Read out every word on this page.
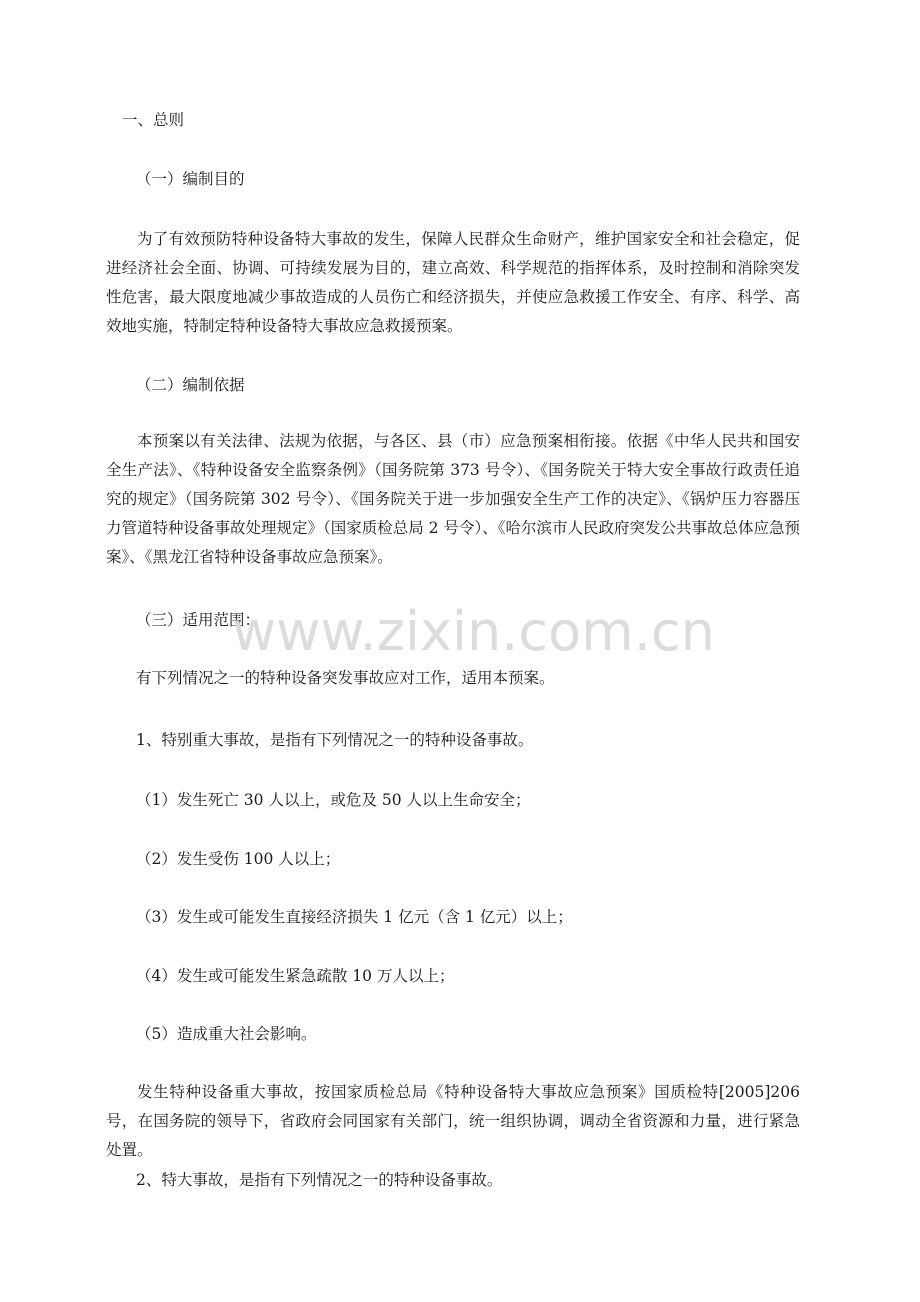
一、总则

（一）编制目的

为了有效预防特种设备特大事故的发生，保障人民群众生命财产，维护国家安全和社会稳定，促进经济社会全面、协调、可持续发展为目的，建立高效、科学规范的指挥体系，及时控制和消除突发性危害，最大限度地减少事故造成的人员伤亡和经济损失，并使应急救援工作安全、有序、科学、高效地实施，特制定特种设备特大事故应急救援预案。

（二）编制依据

本预案以有关法律、法规为依据，与各区、县（市）应急预案相衔接。依据《中华人民共和国安全生产法》、《特种设备安全监察条例》（国务院第 373 号令）、《国务院关于特大安全事故行政责任追究的规定》（国务院第 302 号令）、《国务院关于进一步加强安全生产工作的决定》、《锅炉压力容器压力管道特种设备事故处理规定》（国家质检总局 2 号令）、《哈尔滨市人民政府突发公共事故总体应急预案》、《黑龙江省特种设备事故应急预案》。

（三）适用范围：

有下列情况之一的特种设备突发事故应对工作，适用本预案。

1、特别重大事故，是指有下列情况之一的特种设备事故。

（1）发生死亡 30 人以上，或危及 50 人以上生命安全；

（2）发生受伤 100 人以上；

（3）发生或可能发生直接经济损失 1 亿元（含 1 亿元）以上；

（4）发生或可能发生紧急疏散 10 万人以上；

（5）造成重大社会影响。

发生特种设备重大事故，按国家质检总局《特种设备特大事故应急预案》国质检特[2005]206 号，在国务院的领导下，省政府会同国家有关部门，统一组织协调，调动全省资源和力量，进行紧急处置。

2、特大事故，是指有下列情况之一的特种设备事故。

www.zixin.com.cn
